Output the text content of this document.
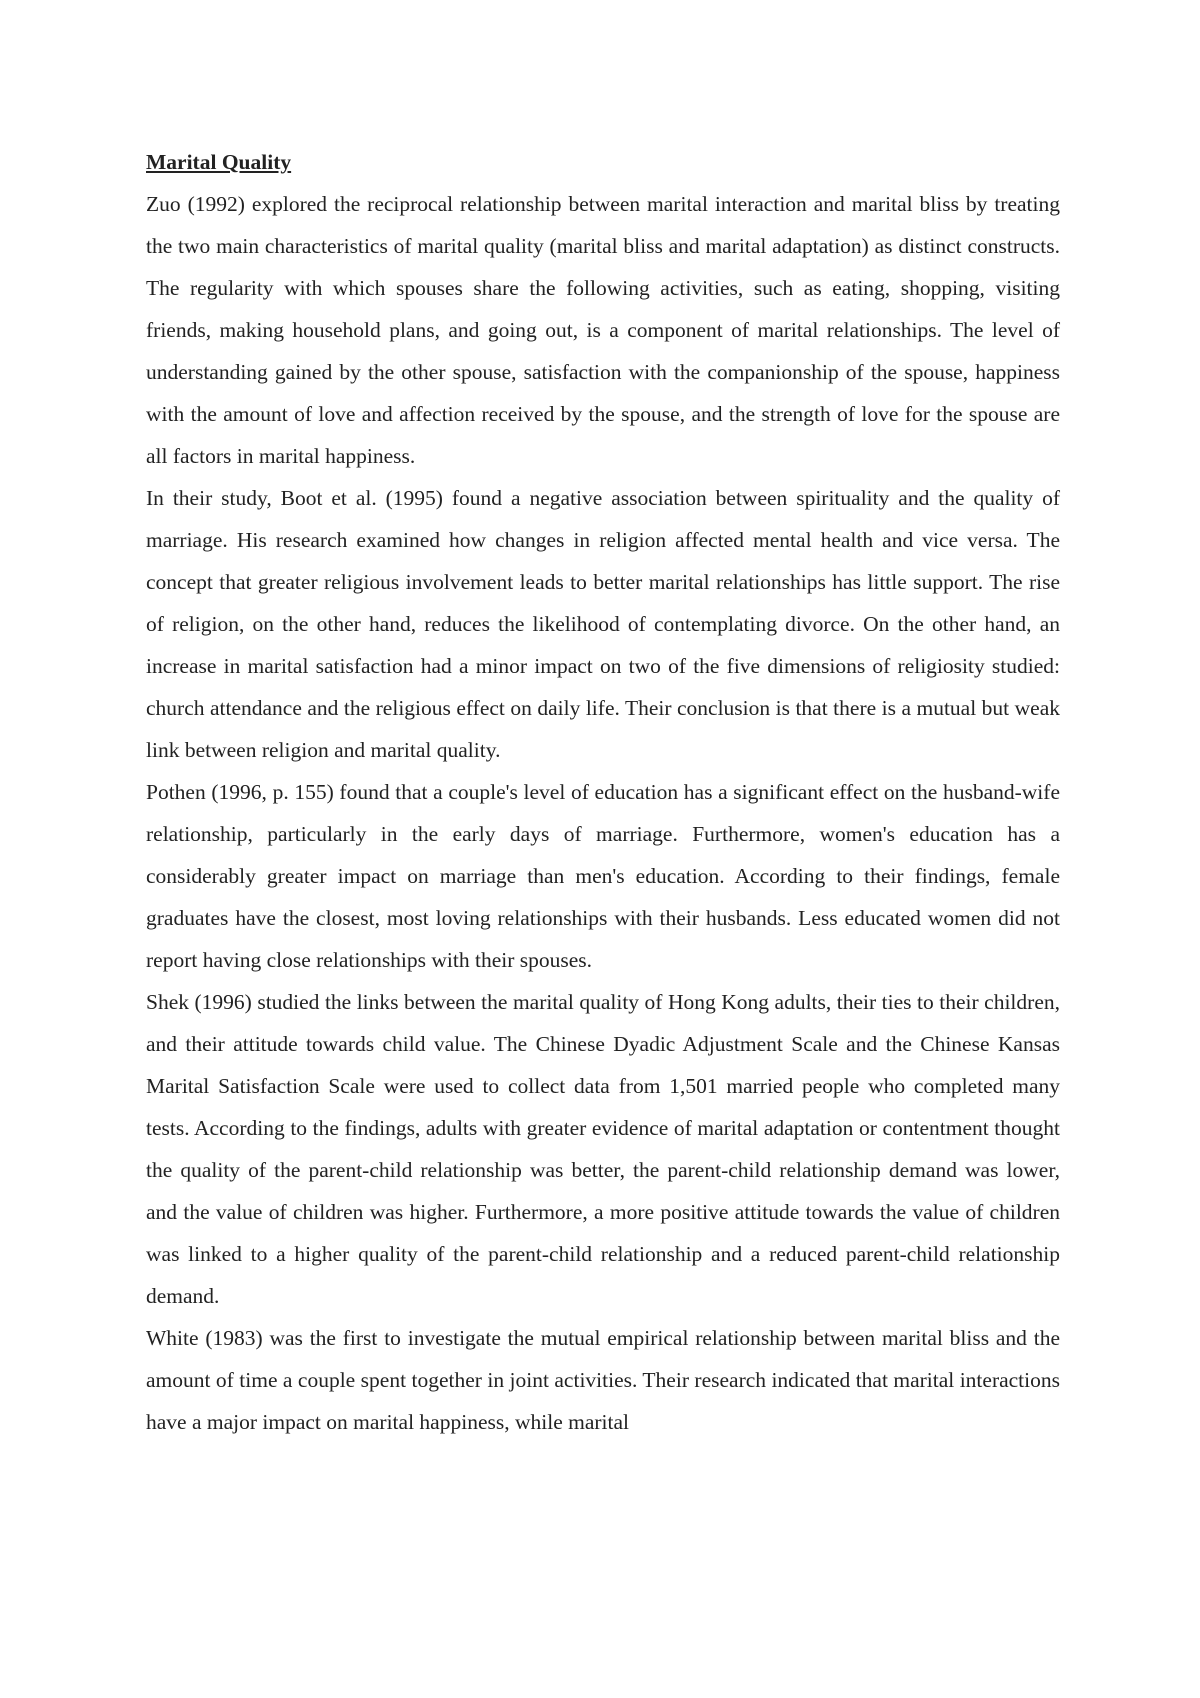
Marital Quality

Zuo (1992) explored the reciprocal relationship between marital interaction and marital bliss by treating the two main characteristics of marital quality (marital bliss and marital adaptation) as distinct constructs. The regularity with which spouses share the following activities, such as eating, shopping, visiting friends, making household plans, and going out, is a component of marital relationships. The level of understanding gained by the other spouse, satisfaction with the companionship of the spouse, happiness with the amount of love and affection received by the spouse, and the strength of love for the spouse are all factors in marital happiness.

In their study, Boot et al. (1995) found a negative association between spirituality and the quality of marriage. His research examined how changes in religion affected mental health and vice versa. The concept that greater religious involvement leads to better marital relationships has little support. The rise of religion, on the other hand, reduces the likelihood of contemplating divorce. On the other hand, an increase in marital satisfaction had a minor impact on two of the five dimensions of religiosity studied: church attendance and the religious effect on daily life. Their conclusion is that there is a mutual but weak link between religion and marital quality.

Pothen (1996, p. 155) found that a couple's level of education has a significant effect on the husband-wife relationship, particularly in the early days of marriage. Furthermore, women's education has a considerably greater impact on marriage than men's education. According to their findings, female graduates have the closest, most loving relationships with their husbands. Less educated women did not report having close relationships with their spouses.

Shek (1996) studied the links between the marital quality of Hong Kong adults, their ties to their children, and their attitude towards child value. The Chinese Dyadic Adjustment Scale and the Chinese Kansas Marital Satisfaction Scale were used to collect data from 1,501 married people who completed many tests. According to the findings, adults with greater evidence of marital adaptation or contentment thought the quality of the parent-child relationship was better, the parent-child relationship demand was lower, and the value of children was higher. Furthermore, a more positive attitude towards the value of children was linked to a higher quality of the parent-child relationship and a reduced parent-child relationship demand.

White (1983) was the first to investigate the mutual empirical relationship between marital bliss and the amount of time a couple spent together in joint activities. Their research indicated that marital interactions have a major impact on marital happiness, while marital
